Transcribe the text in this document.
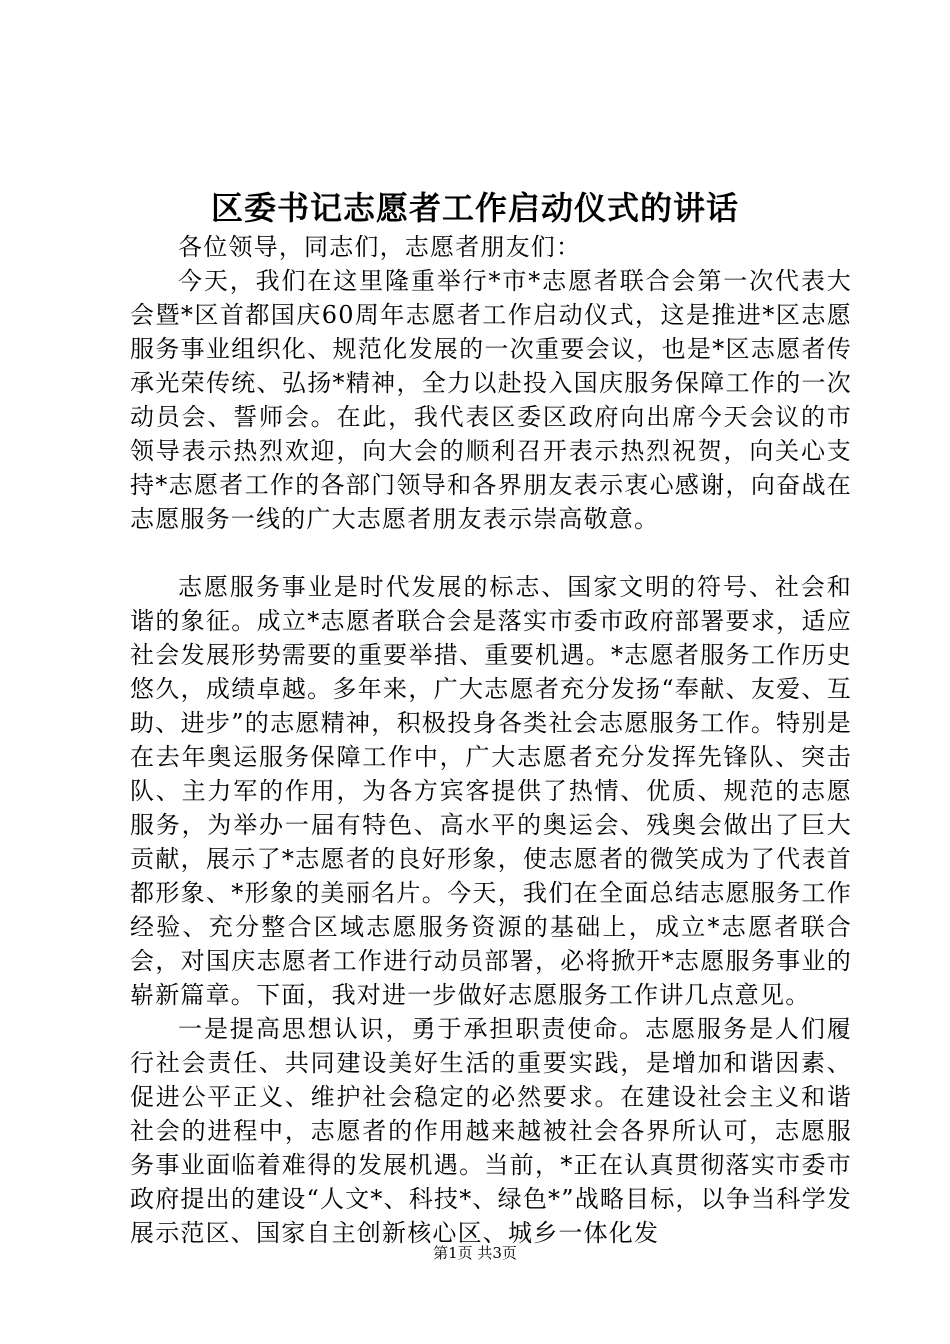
区委书记志愿者工作启动仪式的讲话

各位领导，同志们，志愿者朋友们：

今天，我们在这里隆重举行*市*志愿者联合会第一次代表大会暨*区首都国庆60周年志愿者工作启动仪式，这是推进*区志愿服务事业组织化、规范化发展的一次重要会议，也是*区志愿者传承光荣传统、弘扬*精神，全力以赴投入国庆服务保障工作的一次动员会、誓师会。在此，我代表区委区政府向出席今天会议的市领导表示热烈欢迎，向大会的顺利召开表示热烈祝贺，向关心支持*志愿者工作的各部门领导和各界朋友表示衷心感谢，向奋战在志愿服务一线的广大志愿者朋友表示崇高敬意。

志愿服务事业是时代发展的标志、国家文明的符号、社会和谐的象征。成立*志愿者联合会是落实市委市政府部署要求，适应社会发展形势需要的重要举措、重要机遇。*志愿者服务工作历史悠久，成绩卓越。多年来，广大志愿者充分发扬“奉献、友爱、互助、进步”的志愿精神，积极投身各类社会志愿服务工作。特别是在去年奥运服务保障工作中，广大志愿者充分发挥先锋队、突击队、主力军的作用，为各方宾客提供了热情、优质、规范的志愿服务，为举办一届有特色、高水平的奥运会、残奥会做出了巨大贡献，展示了*志愿者的良好形象，使志愿者的微笑成为了代表首都形象、*形象的美丽名片。今天，我们在全面总结志愿服务工作经验、充分整合区域志愿服务资源的基础上，成立*志愿者联合会，对国庆志愿者工作进行动员部署，必将掀开*志愿服务事业的崭新篇章。下面，我对进一步做好志愿服务工作讲几点意见。

一是提高思想认识，勇于承担职责使命。志愿服务是人们履行社会责任、共同建设美好生活的重要实践，是增加和谐因素、促进公平正义、维护社会稳定的必然要求。在建设社会主义和谐社会的进程中，志愿者的作用越来越被社会各界所认可，志愿服务事业面临着难得的发展机遇。当前，*正在认真贯彻落实市委市政府提出的建设“人文*、科技*、绿色*”战略目标，以争当科学发展示范区、国家自主创新核心区、城乡一体化发

第1页 共3页
